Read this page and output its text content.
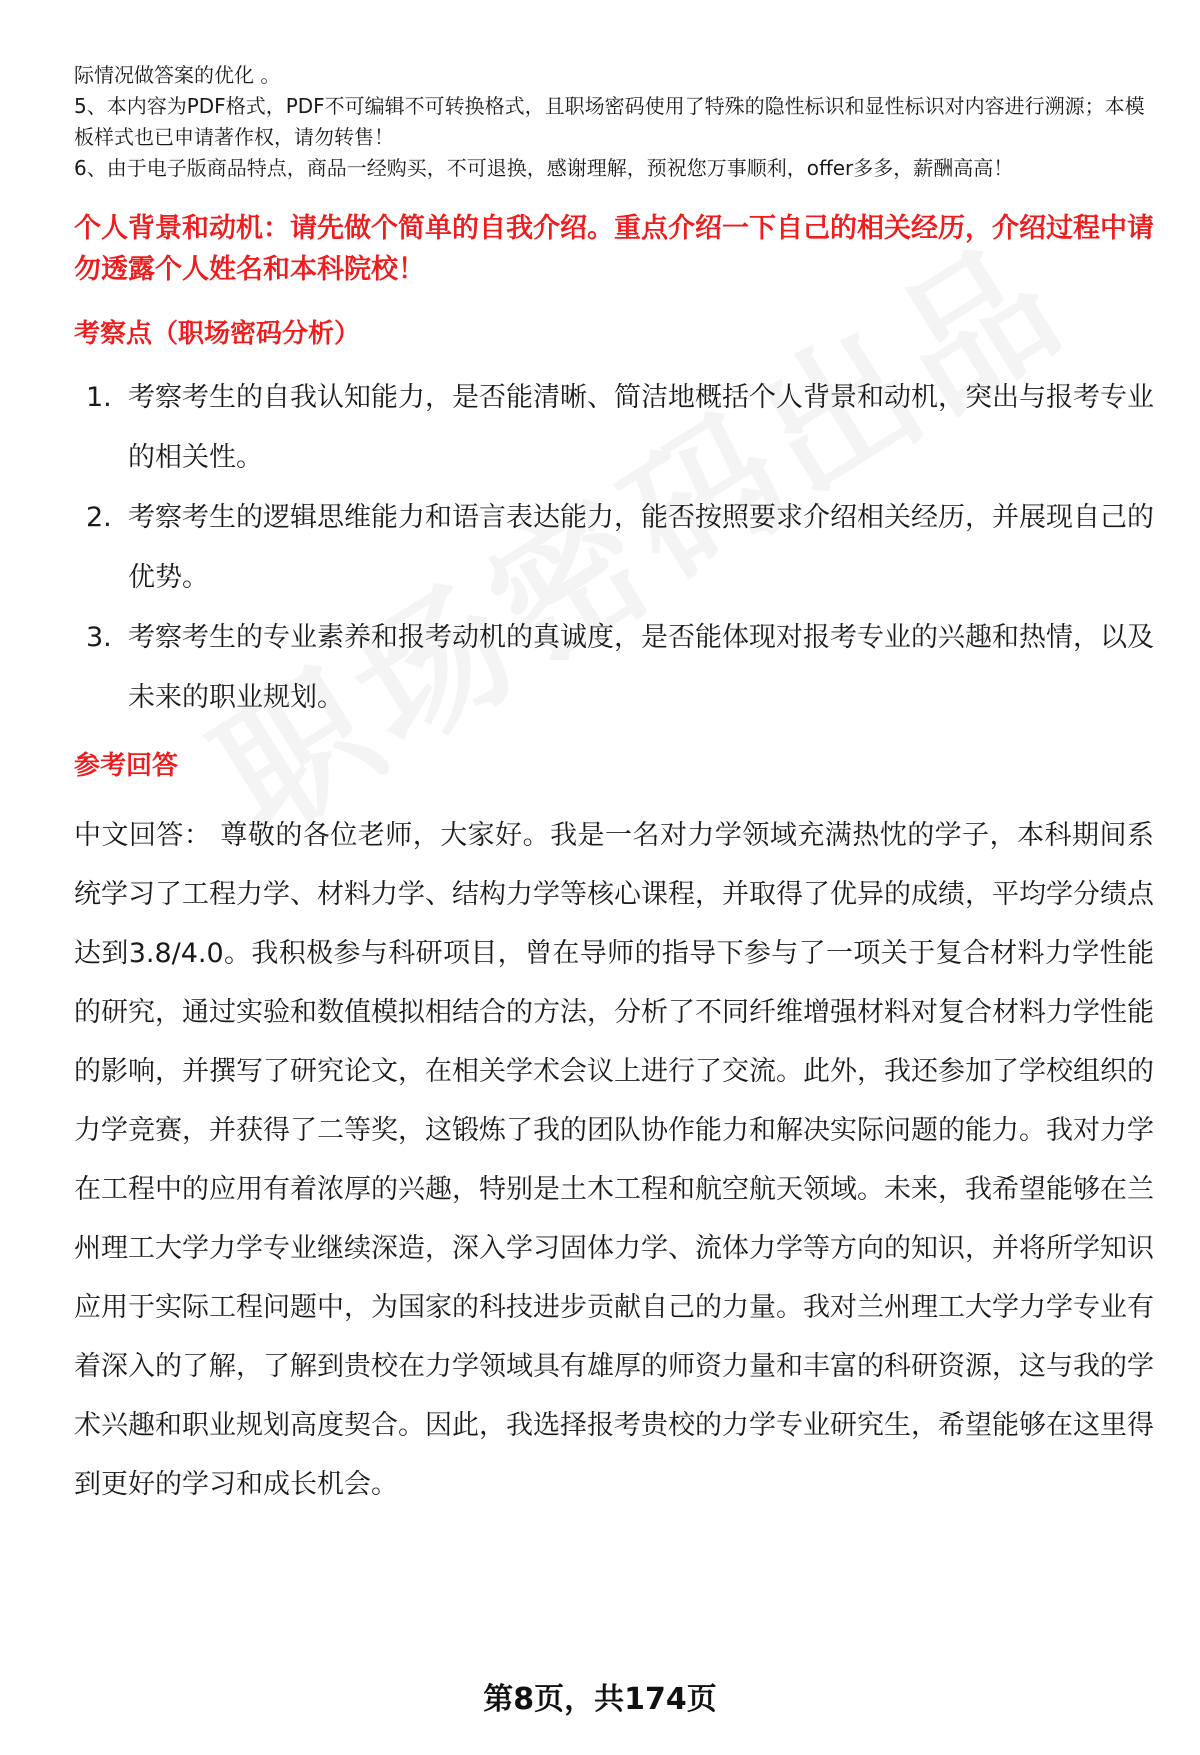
际情况做答案的优化 。

5、本内容为PDF格式，PDF不可编辑不可转换格式，且职场密码使用了特殊的隐性标识和显性标识对内容进行溯源；本模板样式也已申请著作权，请勿转售！

6、由于电子版商品特点，商品一经购买，不可退换，感谢理解，预祝您万事顺利，offer多多，薪酬高高！

个人背景和动机：请先做个简单的自我介绍。重点介绍一下自己的相关经历，介绍过程中请勿透露个人姓名和本科院校！
考察点（职场密码分析）
1. 考察考生的自我认知能力，是否能清晰、简洁地概括个人背景和动机，突出与报考专业的相关性。
2. 考察考生的逻辑思维能力和语言表达能力，能否按照要求介绍相关经历，并展现自己的优势。
3. 考察考生的专业素养和报考动机的真诚度，是否能体现对报考专业的兴趣和热情，以及未来的职业规划。
参考回答
中文回答： 尊敬的各位老师，大家好。我是一名对力学领域充满热忱的学子，本科期间系统学习了工程力学、材料力学、结构力学等核心课程，并取得了优异的成绩，平均学分绩点达到3.8/4.0。我积极参与科研项目，曾在导师的指导下参与了一项关于复合材料力学性能的研究，通过实验和数值模拟相结合的方法，分析了不同纤维增强材料对复合材料力学性能的影响，并撰写了研究论文，在相关学术会议上进行了交流。此外，我还参加了学校组织的力学竞赛，并获得了二等奖，这锻炼了我的团队协作能力和解决实际问题的能力。我对力学在工程中的应用有着浓厚的兴趣，特别是土木工程和航空航天领域。未来，我希望能够在兰州理工大学力学专业继续深造，深入学习固体力学、流体力学等方向的知识，并将所学知识应用于实际工程问题中，为国家的科技进步贡献自己的力量。我对兰州理工大学力学专业有着深入的了解，了解到贵校在力学领域具有雄厚的师资力量和丰富的科研资源，这与我的学术兴趣和职业规划高度契合。因此，我选择报考贵校的力学专业研究生，希望能够在这里得到更好的学习和成长机会。
第8页，共174页
